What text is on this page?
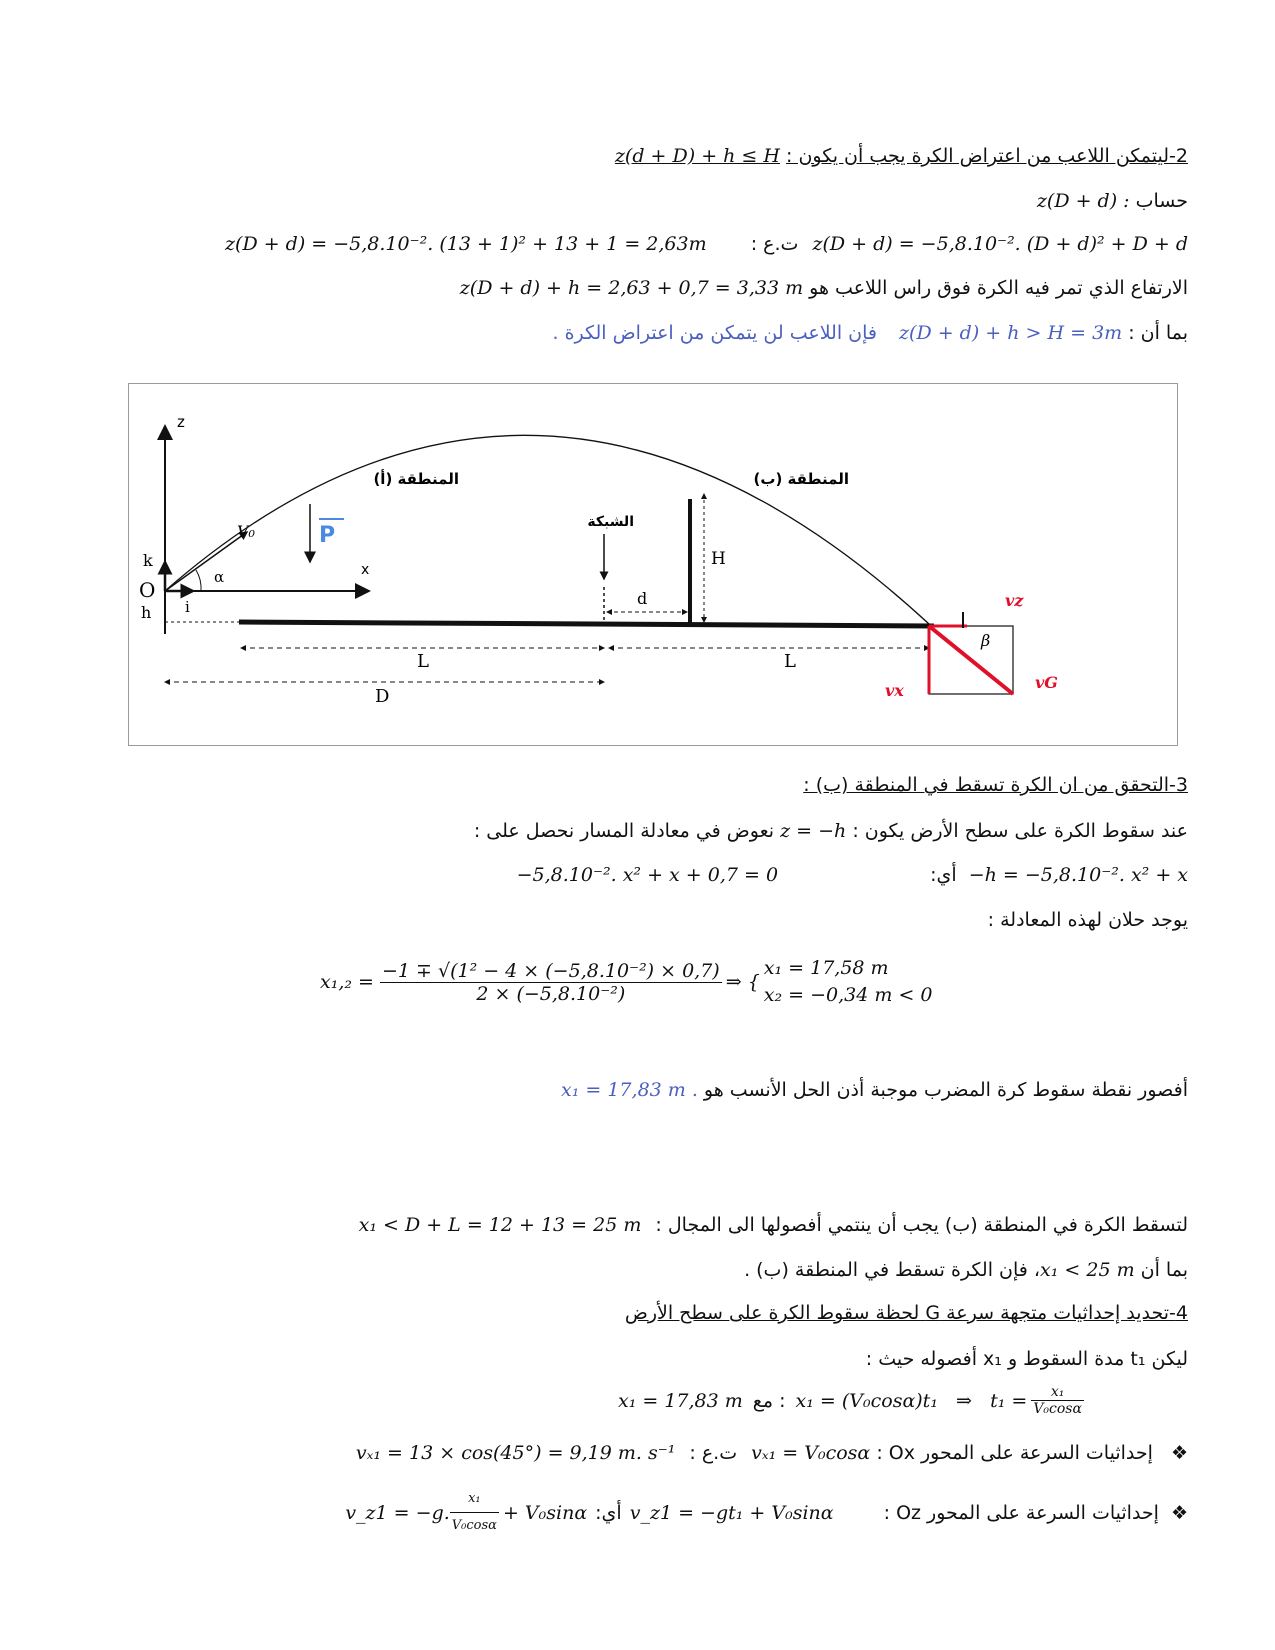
2-ليتمكن اللاعب من اعتراض الكرة يجب أن يكون : z(d + D) + h ≤ H
حساب z(D + d) :
z(D + d) = −5,8.10⁻². (D + d)² + D + d ت.ع : z(D + d) = −5,8.10⁻². (13 + 1)² + 13 + 1 = 2,63m
الارتفاع الذي تمر فيه الكرة فوق راس اللاعب هو z(D + d) + h = 2,63 + 0,7 = 3,33 m
بما أن : z(D + d) + h > H = 3m فإن اللاعب لن يتمكن من اعتراض الكرة .
z
x
k
i
O
h
V₀
α
P
المنطقة (أ)	المنطقة (ب)
الشبكة
d
H
L	L
D
β
vz
vx	vG
3-التحقق من ان الكرة تسقط في المنطقة (ب) :
عند سقوط الكرة على سطح الأرض يكون : z = −h نعوض في معادلة المسار نحصل على :
−h = −5,8.10⁻². x² + x أي: −5,8.10⁻². x² + x + 0,7 = 0
يوجد حلان لهذه المعادلة :
$x_1,_2 = \frac{\text{−1 ∓ √(1² − 4 × (−5,8.10⁻²) × 0,7)}}{\text{2 × (−5,8.10⁻²)}}$ ⇒ {
x₁ = 17,58 m
x₂ = −0,34 m < 0
أفصور نقطة سقوط كرة المضرب موجبة أذن الحل الأنسب هو x₁ = 17,83 m .
لتسقط الكرة في المنطقة (ب) يجب أن ينتمي أفصولها الى المجال : x₁ < D + L = 12 + 13 = 25 m
بما أن x₁ < 25 m، فإن الكرة تسقط في المنطقة (ب) .
4-تحديد إحداثيات متجهة سرعة G لحظة سقوط الكرة على سطح الأرض
ليكن t₁ مدة السقوط و x₁ أفصوله حيث :
x₁ = 17,83 m مع : x₁ = (V₀cosα)t₁   ⇒   $t_1 = \frac{\text{x₁}}{\text{V₀cosα}}$
❖ إحداثيات السرعة على المحور Ox : vₓ₁ = V₀cosα ت.ع : vₓ₁ = 13 × cos(45°) = 9,19 m. s⁻¹
❖
إحداثيات السرعة على المحور Oz :
v_z1 = −gt₁ + V₀sinα
أي:
v_z1 = −g. $\frac{\text{x₁}}{\text{V₀cosα}} + V_0\sin\alpha$
